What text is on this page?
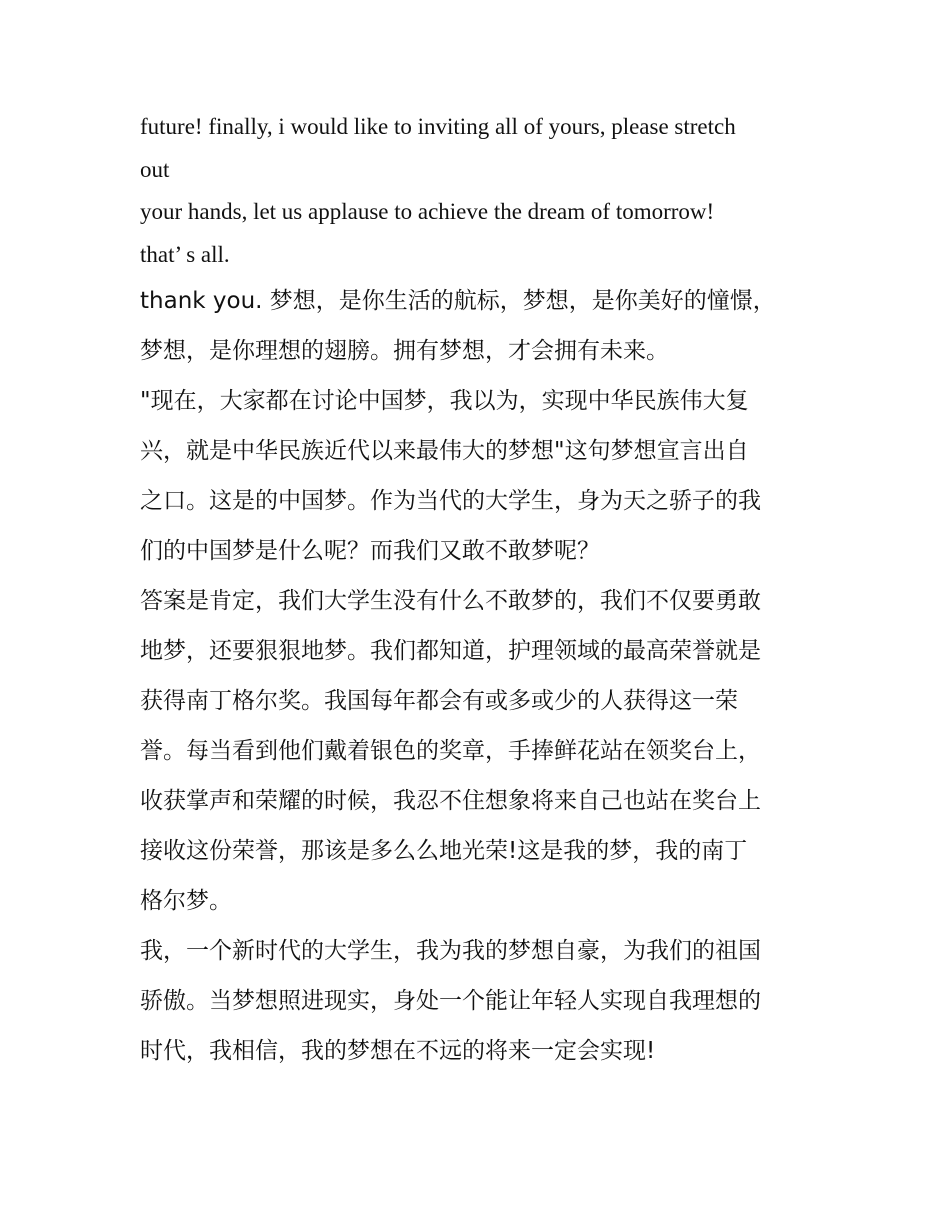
future! finally, i would like to inviting all of yours, please stretch
out
your hands, let us applause to achieve the dream of tomorrow!
that’ s all.
thank you. 梦想，是你生活的航标，梦想，是你美好的憧憬，
梦想，是你理想的翅膀。拥有梦想，才会拥有未来。
"现在，大家都在讨论中国梦，我以为，实现中华民族伟大复
兴，就是中华民族近代以来最伟大的梦想"这句梦想宣言出自
之口。这是的中国梦。作为当代的大学生，身为天之骄子的我
们的中国梦是什么呢？而我们又敢不敢梦呢？
答案是肯定，我们大学生没有什么不敢梦的，我们不仅要勇敢
地梦，还要狠狠地梦。我们都知道，护理领域的最高荣誉就是
获得南丁格尔奖。我国每年都会有或多或少的人获得这一荣
誉。每当看到他们戴着银色的奖章，手捧鲜花站在领奖台上，
收获掌声和荣耀的时候，我忍不住想象将来自己也站在奖台上
接收这份荣誉，那该是多么么地光荣!这是我的梦，我的南丁
格尔梦。
我，一个新时代的大学生，我为我的梦想自豪，为我们的祖国
骄傲。当梦想照进现实，身处一个能让年轻人实现自我理想的
时代，我相信，我的梦想在不远的将来一定会实现!
